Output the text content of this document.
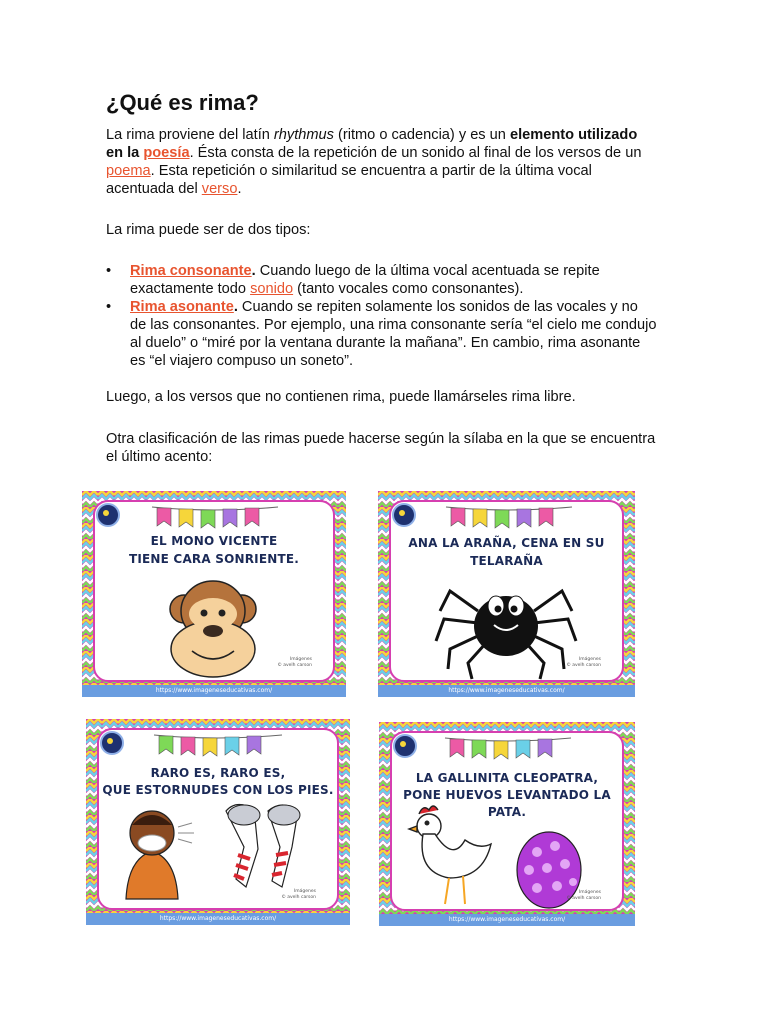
¿Qué es rima?

La rima proviene del latín rhythmus (ritmo o cadencia) y es un elemento utilizado en la poesía. Ésta consta de la repetición de un sonido al final de los versos de un poema. Esta repetición o similaritud se encuentra a partir de la última vocal acentuada del verso.

La rima puede ser de dos tipos:

• Rima consonante. Cuando luego de la última vocal acentuada se repite exactamente todo sonido (tanto vocales como consonantes).
• Rima asonante. Cuando se repiten solamente los sonidos de las vocales y no de las consonantes. Por ejemplo, una rima consonante sería “el cielo me condujo al duelo” o “miré por la ventana durante la mañana”. En cambio, rima asonante es “el viajero compuso un soneto”.

Luego, a los versos que no contienen rima, puede llamárseles rima libre.

Otra clasificación de las rimas puede hacerse según la sílaba en la que se encuentra el último acento:

EL MONO VICENTE
TIENE CARA SONRIENTE.
Imágenes
© avelh carson
https://www.imageneseducativas.com/
ANA LA ARAÑA, CENA EN SU
TELARAÑA
Imágenes
© avelh carson
https://www.imageneseducativas.com/
RARO ES, RARO ES,
QUE ESTORNUDES CON LOS PIES.
Imágenes
© avelh carson
https://www.imageneseducativas.com/
LA GALLINITA CLEOPATRA,
PONE HUEVOS LEVANTADO LA
PATA.
Imágenes
© avelh carson
https://www.imageneseducativas.com/
